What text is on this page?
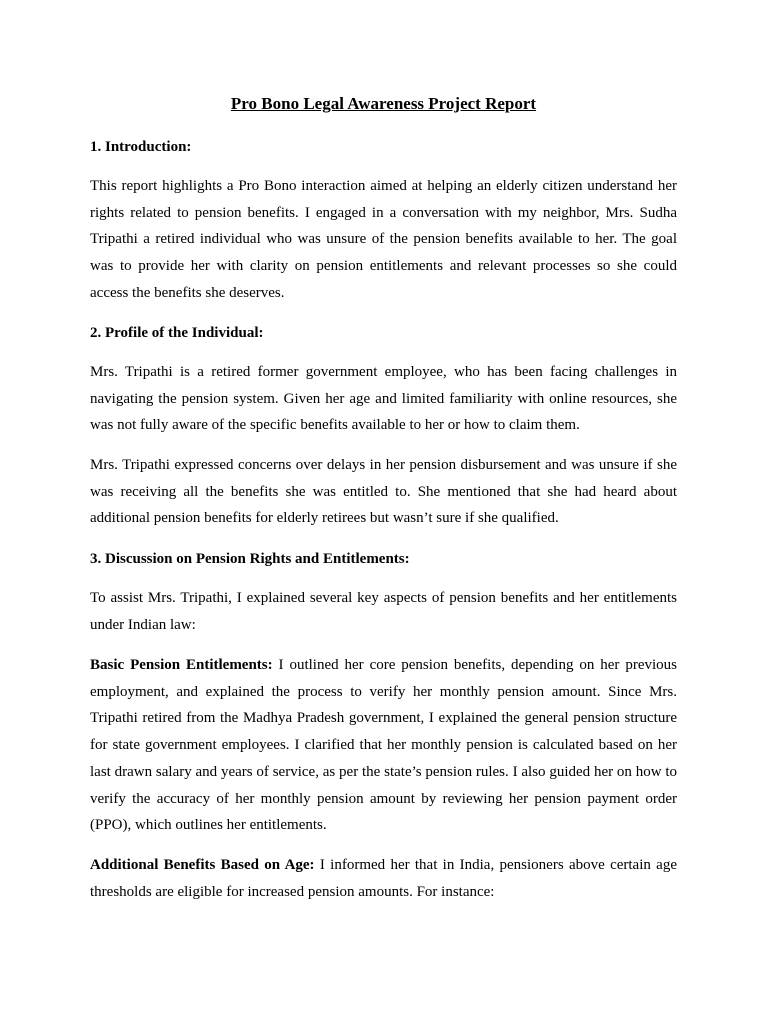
Pro Bono Legal Awareness Project Report
1. Introduction:

This report highlights a Pro Bono interaction aimed at helping an elderly citizen understand her rights related to pension benefits. I engaged in a conversation with my neighbor, Mrs. Sudha Tripathi a retired individual who was unsure of the pension benefits available to her. The goal was to provide her with clarity on pension entitlements and relevant processes so she could access the benefits she deserves.

2. Profile of the Individual:

Mrs. Tripathi is a retired former government employee, who has been facing challenges in navigating the pension system. Given her age and limited familiarity with online resources, she was not fully aware of the specific benefits available to her or how to claim them.

Mrs. Tripathi expressed concerns over delays in her pension disbursement and was unsure if she was receiving all the benefits she was entitled to. She mentioned that she had heard about additional pension benefits for elderly retirees but wasn’t sure if she qualified.

3. Discussion on Pension Rights and Entitlements:

To assist Mrs. Tripathi, I explained several key aspects of pension benefits and her entitlements under Indian law:

Basic Pension Entitlements: I outlined her core pension benefits, depending on her previous employment, and explained the process to verify her monthly pension amount. Since Mrs. Tripathi retired from the Madhya Pradesh government, I explained the general pension structure for state government employees. I clarified that her monthly pension is calculated based on her last drawn salary and years of service, as per the state’s pension rules. I also guided her on how to verify the accuracy of her monthly pension amount by reviewing her pension payment order (PPO), which outlines her entitlements.

Additional Benefits Based on Age: I informed her that in India, pensioners above certain age thresholds are eligible for increased pension amounts. For instance:
